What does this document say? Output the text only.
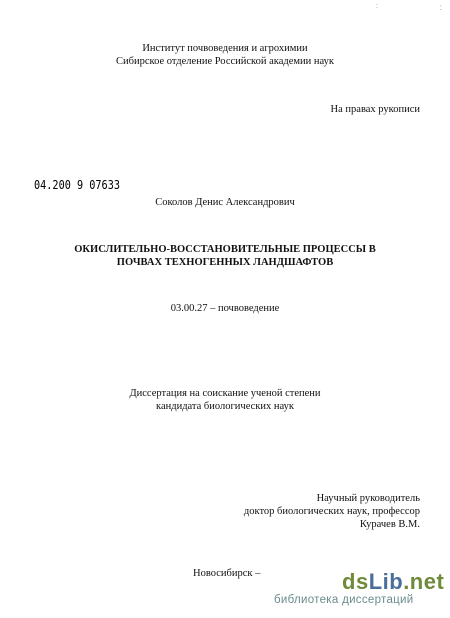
:	:
Институт почвоведения и агрохимии
Сибирское отделение Российской академии наук
На правах рукописи
04.200 9 07633
Соколов Денис Александрович
ОКИСЛИТЕЛЬНО-ВОССТАНОВИТЕЛЬНЫЕ ПРОЦЕССЫ В
ПОЧВАХ ТЕХНОГЕННЫХ ЛАНДШАФТОВ
03.00.27 – почвоведение
Диссертация на соискание ученой степени
кандидата биологических наук
Научный руководитель
доктор биологических наук, профессор
Курачев В.М.
Новосибирск –	dsLib.net
библиотека диссертаций
